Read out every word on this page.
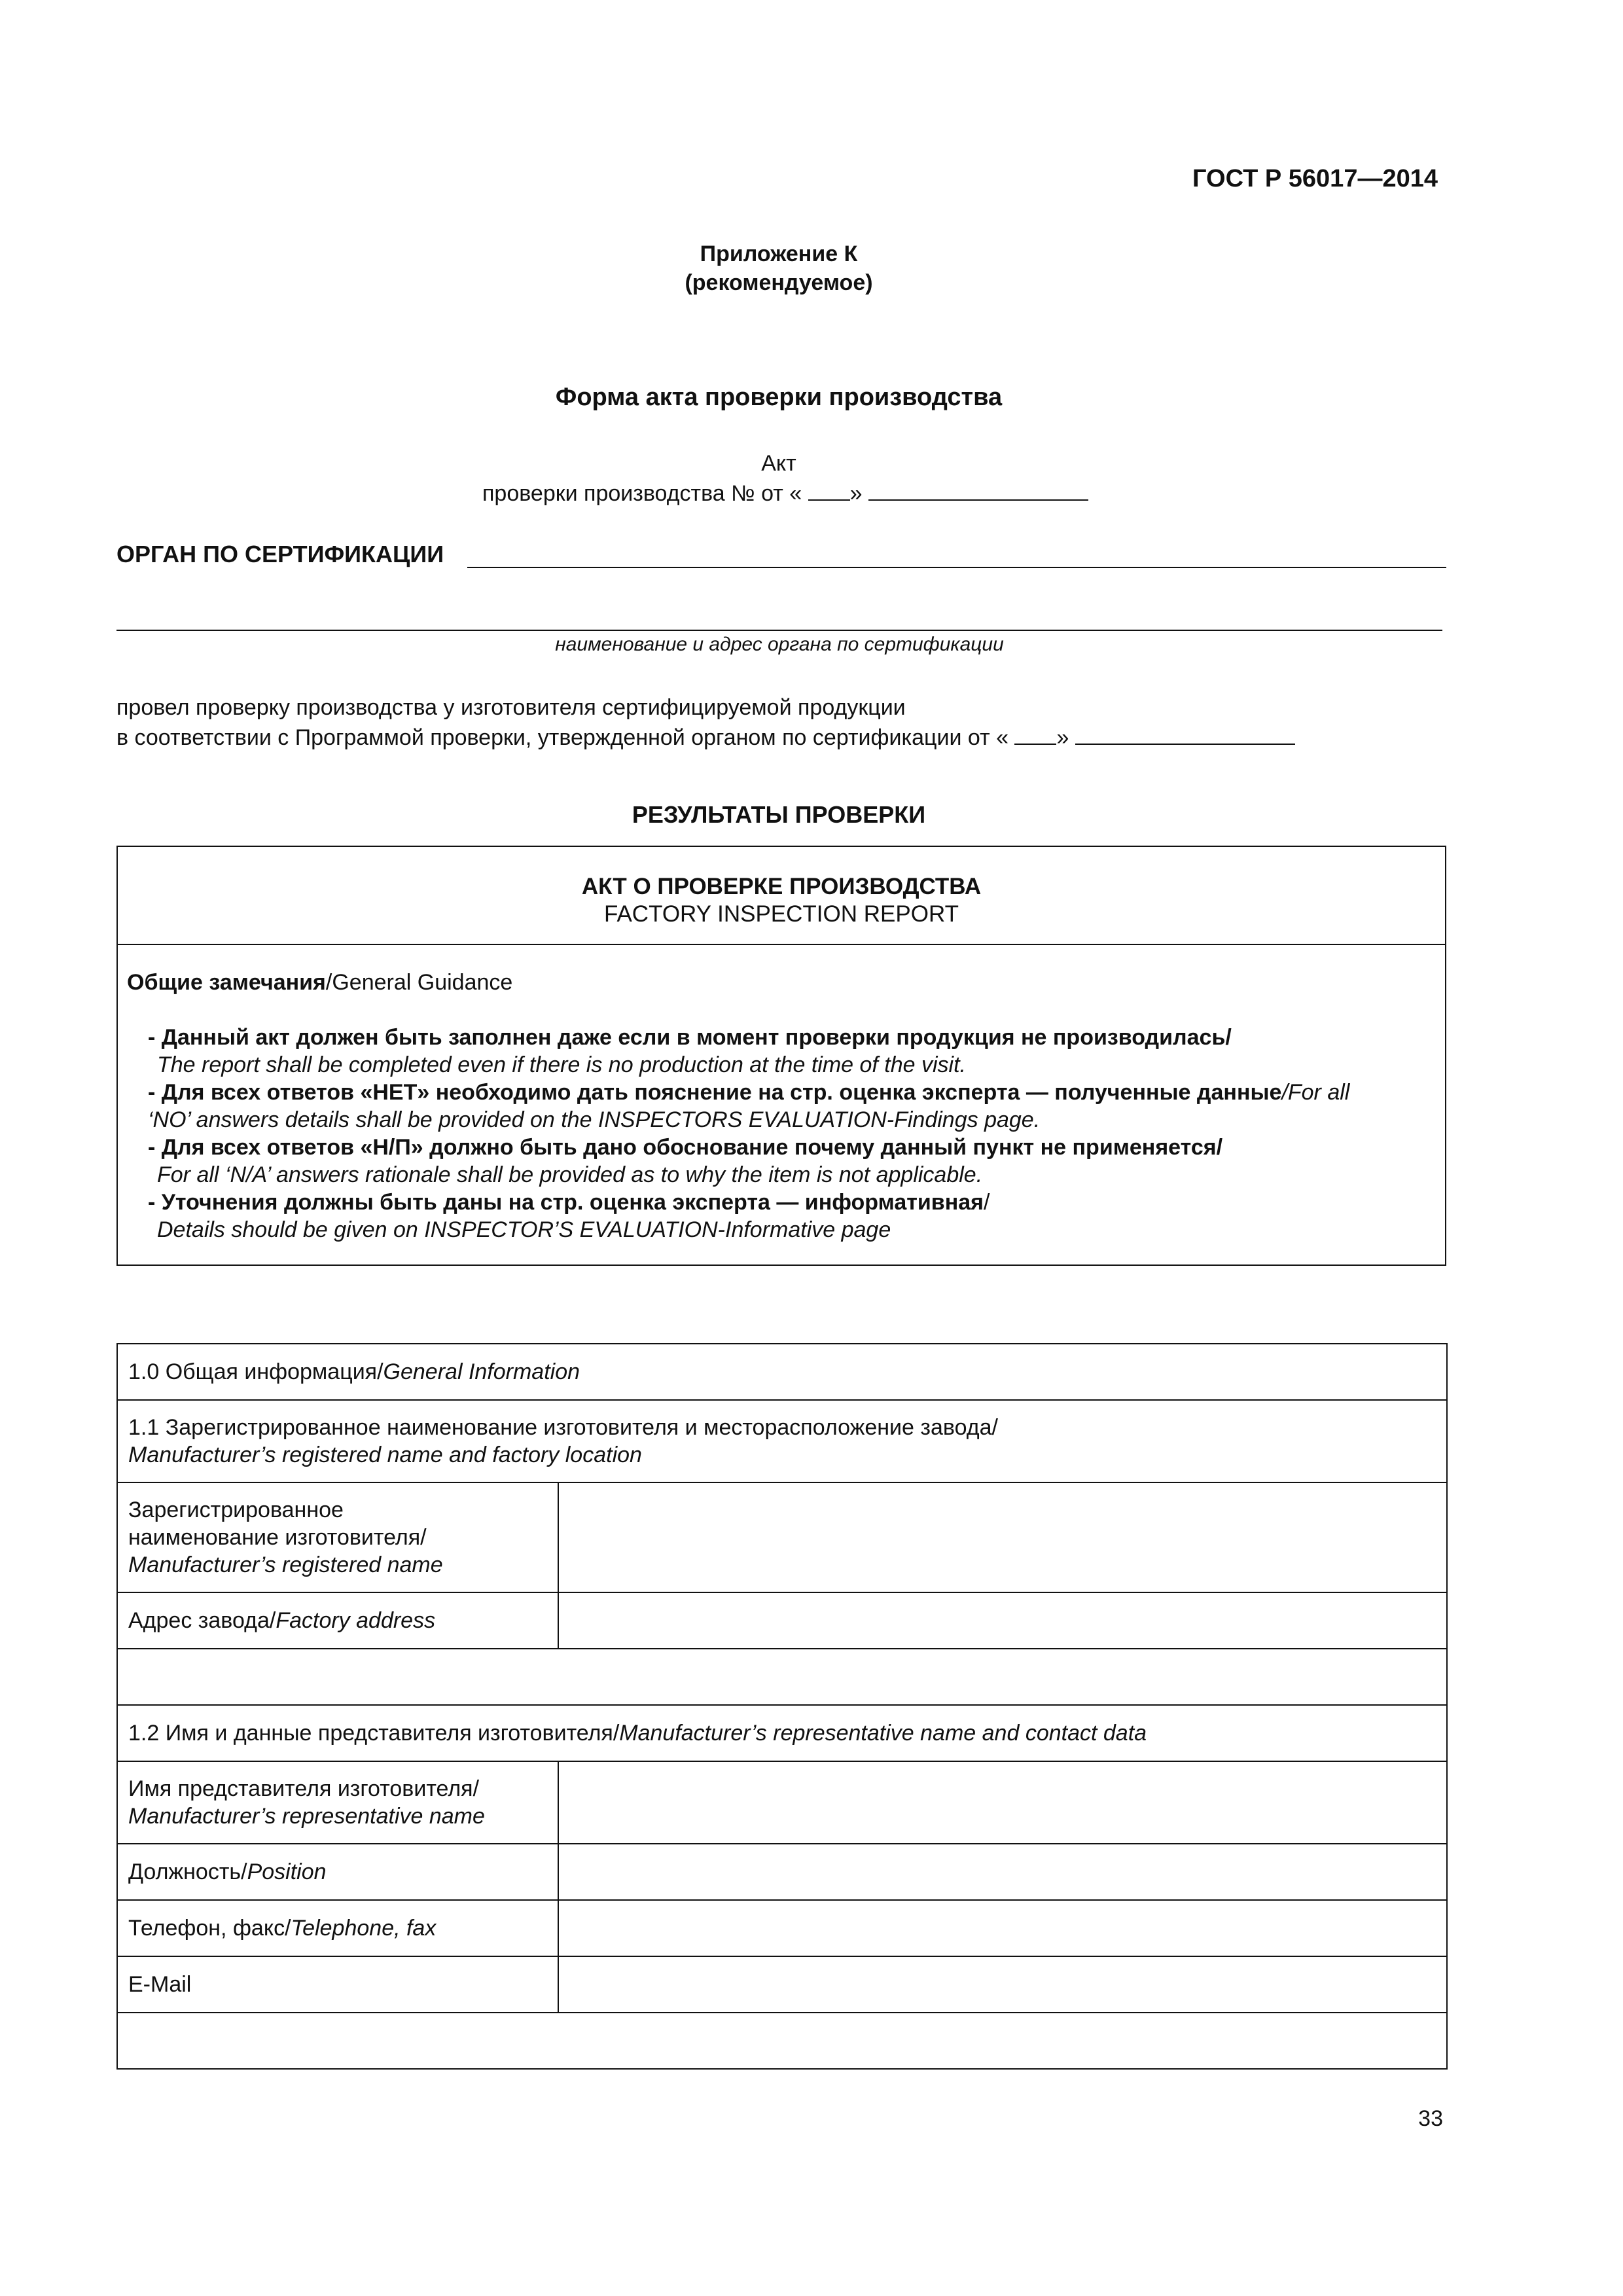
ГОСТ Р 56017—2014
Приложение К
(рекомендуемое)
Форма акта проверки производства
Акт
проверки производства № от « »
ОРГАН ПО СЕРТИФИКАЦИИ
наименование и адрес органа по сертификации
провел проверку производства у изготовителя сертифицируемой продукции
в соответствии с Программой проверки, утвержденной органом по сертификации от « »
РЕЗУЛЬТАТЫ ПРОВЕРКИ
АКТ О ПРОВЕРКЕ ПРОИЗВОДСТВА
FACTORY INSPECTION REPORT
Общие замечания/General Guidance
- Данный акт должен быть заполнен даже если в момент проверки продукция не производилась/
The report shall be completed even if there is no production at the time of the visit.
- Для всех ответов «НЕТ» необходимо дать пояснение на стр. оценка эксперта — полученные данные/For all ‘NO’ answers details shall be provided on the INSPECTORS EVALUATION-Findings page.
- Для всех ответов «Н/П» должно быть дано обоснование почему данный пункт не применяется/
For all ‘N/A’ answers rationale shall be provided as to why the item is not applicable.
- Уточнения должны быть даны на стр. оценка эксперта — информативная/
Details should be given on INSPECTOR’S EVALUATION-Informative page
1.0 Общая информация/General Information	

1.1 Зарегистрированное наименование изготовителя и месторасположение завода/
Manufacturer’s registered name and factory location	

Зарегистрированное
наименование изготовителя/
Manufacturer’s registered name	

Адрес завода/Factory address	

1.2 Имя и данные представителя изготовителя/Manufacturer’s representative name and contact data	

Имя представителя изготовителя/
Manufacturer’s representative name	

Должность/Position	
Телефон, факс/Telephone, fax	
E-Mail	

33
